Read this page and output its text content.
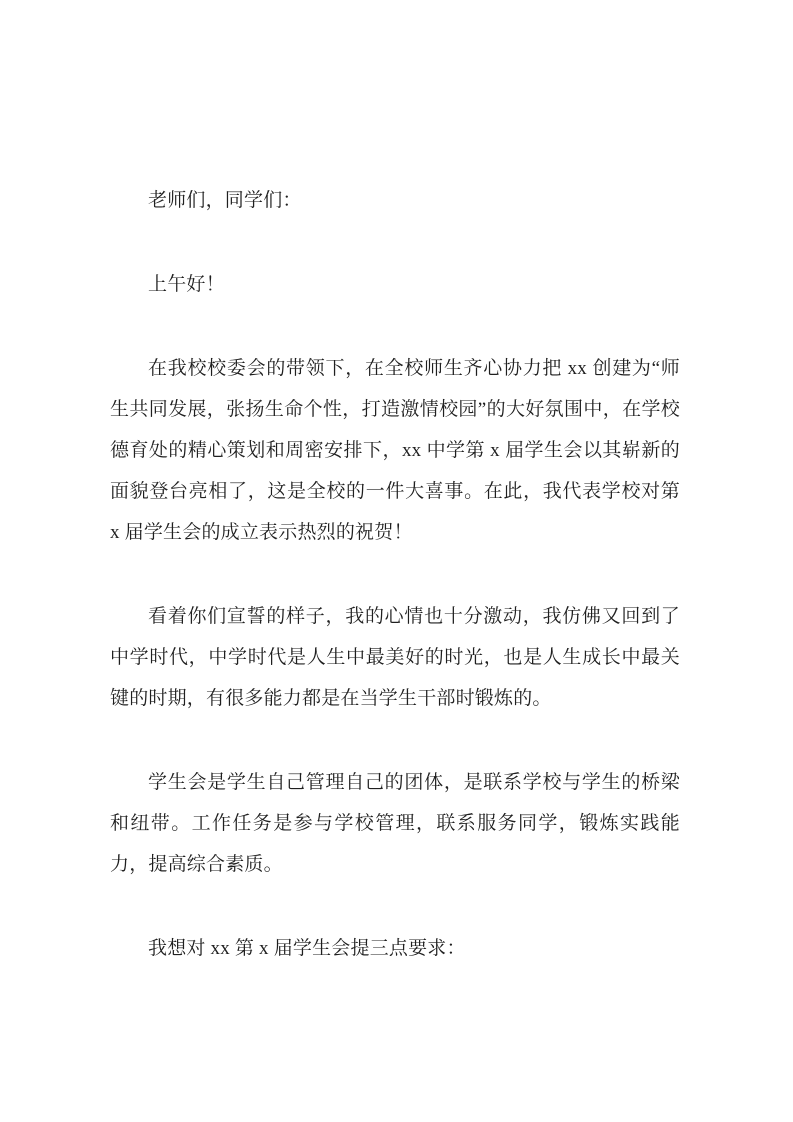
老师们，同学们：

上午好！

在我校校委会的带领下，在全校师生齐心协力把 xx 创建为“师生共同发展，张扬生命个性，打造激情校园”的大好氛围中，在学校德育处的精心策划和周密安排下，xx 中学第 x 届学生会以其崭新的面貌登台亮相了，这是全校的一件大喜事。在此，我代表学校对第 x 届学生会的成立表示热烈的祝贺！

看着你们宣誓的样子，我的心情也十分激动，我仿佛又回到了中学时代，中学时代是人生中最美好的时光，也是人生成长中最关键的时期，有很多能力都是在当学生干部时锻炼的。

学生会是学生自己管理自己的团体，是联系学校与学生的桥梁和纽带。工作任务是参与学校管理，联系服务同学，锻炼实践能力，提高综合素质。

我想对 xx 第 x 届学生会提三点要求：
